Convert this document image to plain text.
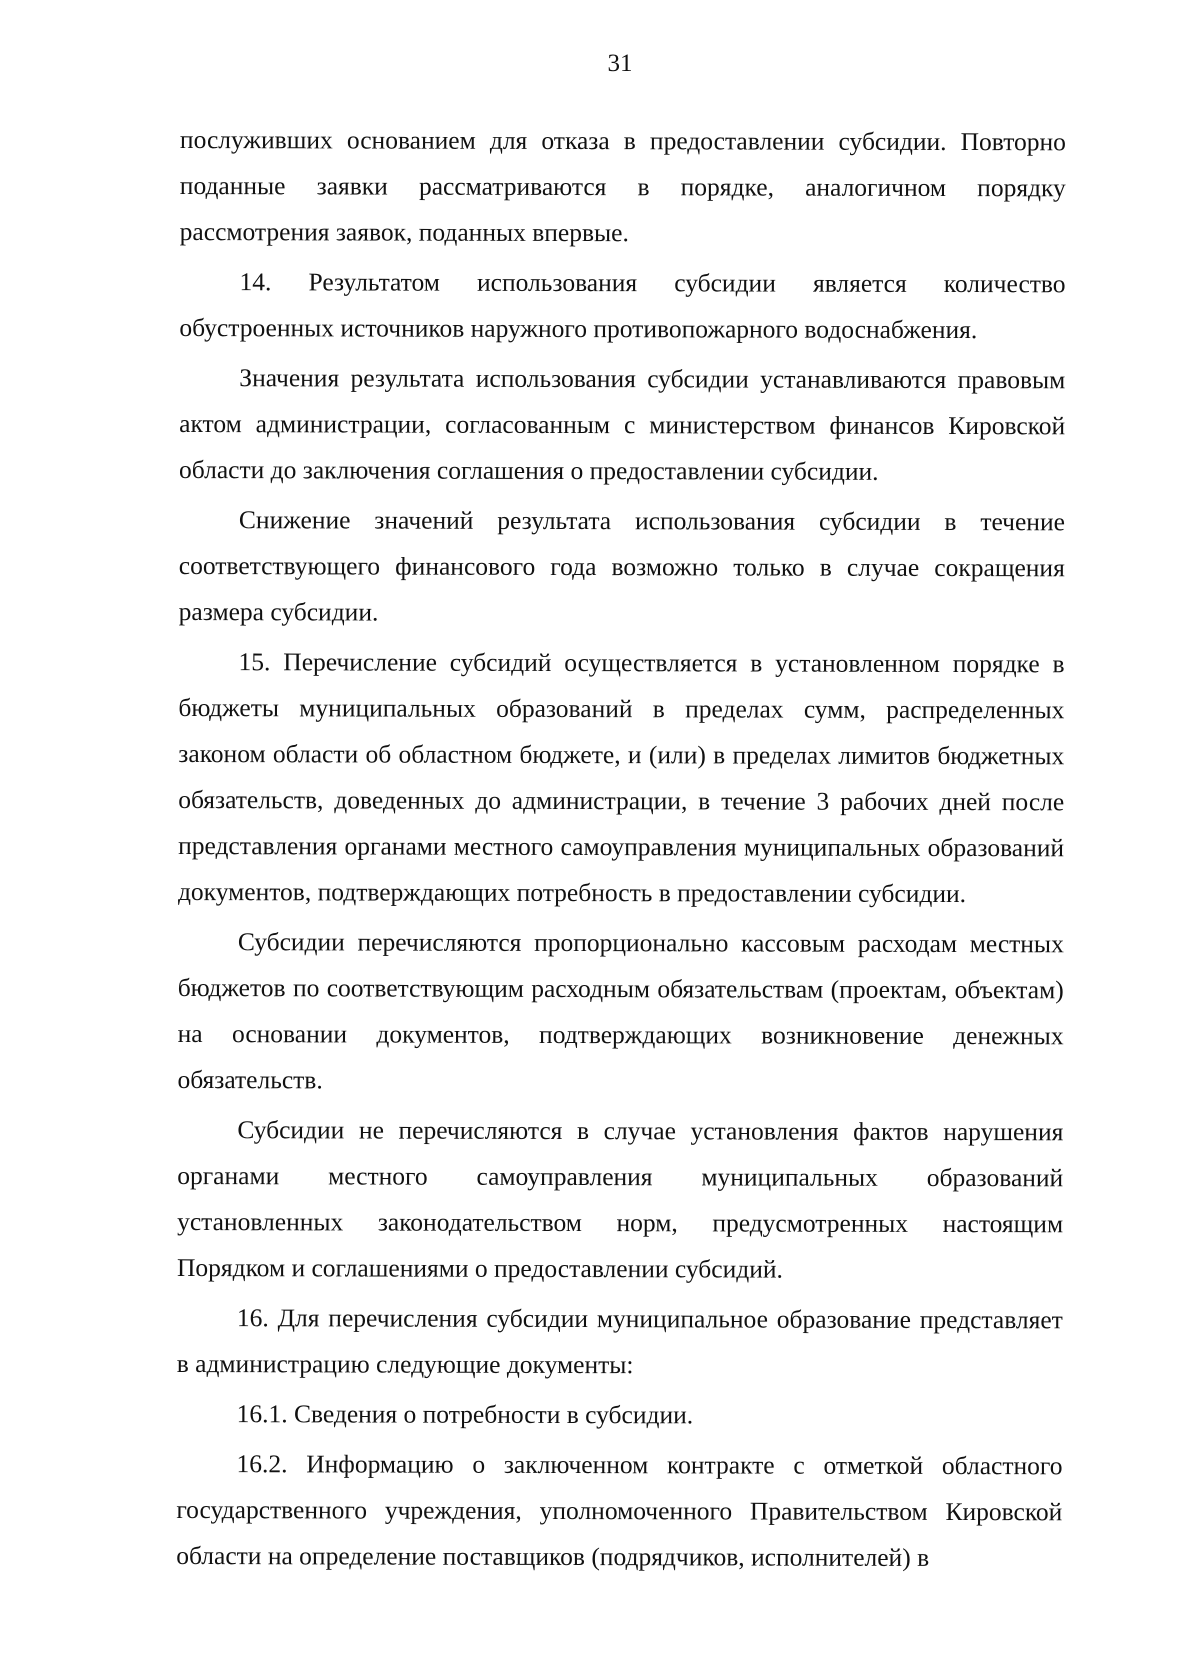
31

послуживших основанием для отказа в предоставлении субсидии. Повторно поданные заявки рассматриваются в порядке, аналогичном порядку рассмотрения заявок, поданных впервые.

14. Результатом использования субсидии является количество обустроенных источников наружного противопожарного водоснабжения.

Значения результата использования субсидии устанавливаются правовым актом администрации, согласованным с министерством финансов Кировской области до заключения соглашения о предоставлении субсидии.

Снижение значений результата использования субсидии в течение соответствующего финансового года возможно только в случае сокращения размера субсидии.

15. Перечисление субсидий осуществляется в установленном порядке в бюджеты муниципальных образований в пределах сумм, распределенных законом области об областном бюджете, и (или) в пределах лимитов бюджетных обязательств, доведенных до администрации, в течение 3 рабочих дней после представления органами местного самоуправления муниципальных образований документов, подтверждающих потребность в предоставлении субсидии.

Субсидии перечисляются пропорционально кассовым расходам местных бюджетов по соответствующим расходным обязательствам (проектам, объектам) на основании документов, подтверждающих возникновение денежных обязательств.

Субсидии не перечисляются в случае установления фактов нарушения органами местного самоуправления муниципальных образований установленных законодательством норм, предусмотренных настоящим Порядком и соглашениями о предоставлении субсидий.

16. Для перечисления субсидии муниципальное образование представляет в администрацию следующие документы:

16.1. Сведения о потребности в субсидии.

16.2. Информацию о заключенном контракте с отметкой областного государственного учреждения, уполномоченного Правительством Кировской области на определение поставщиков (подрядчиков, исполнителей) в
